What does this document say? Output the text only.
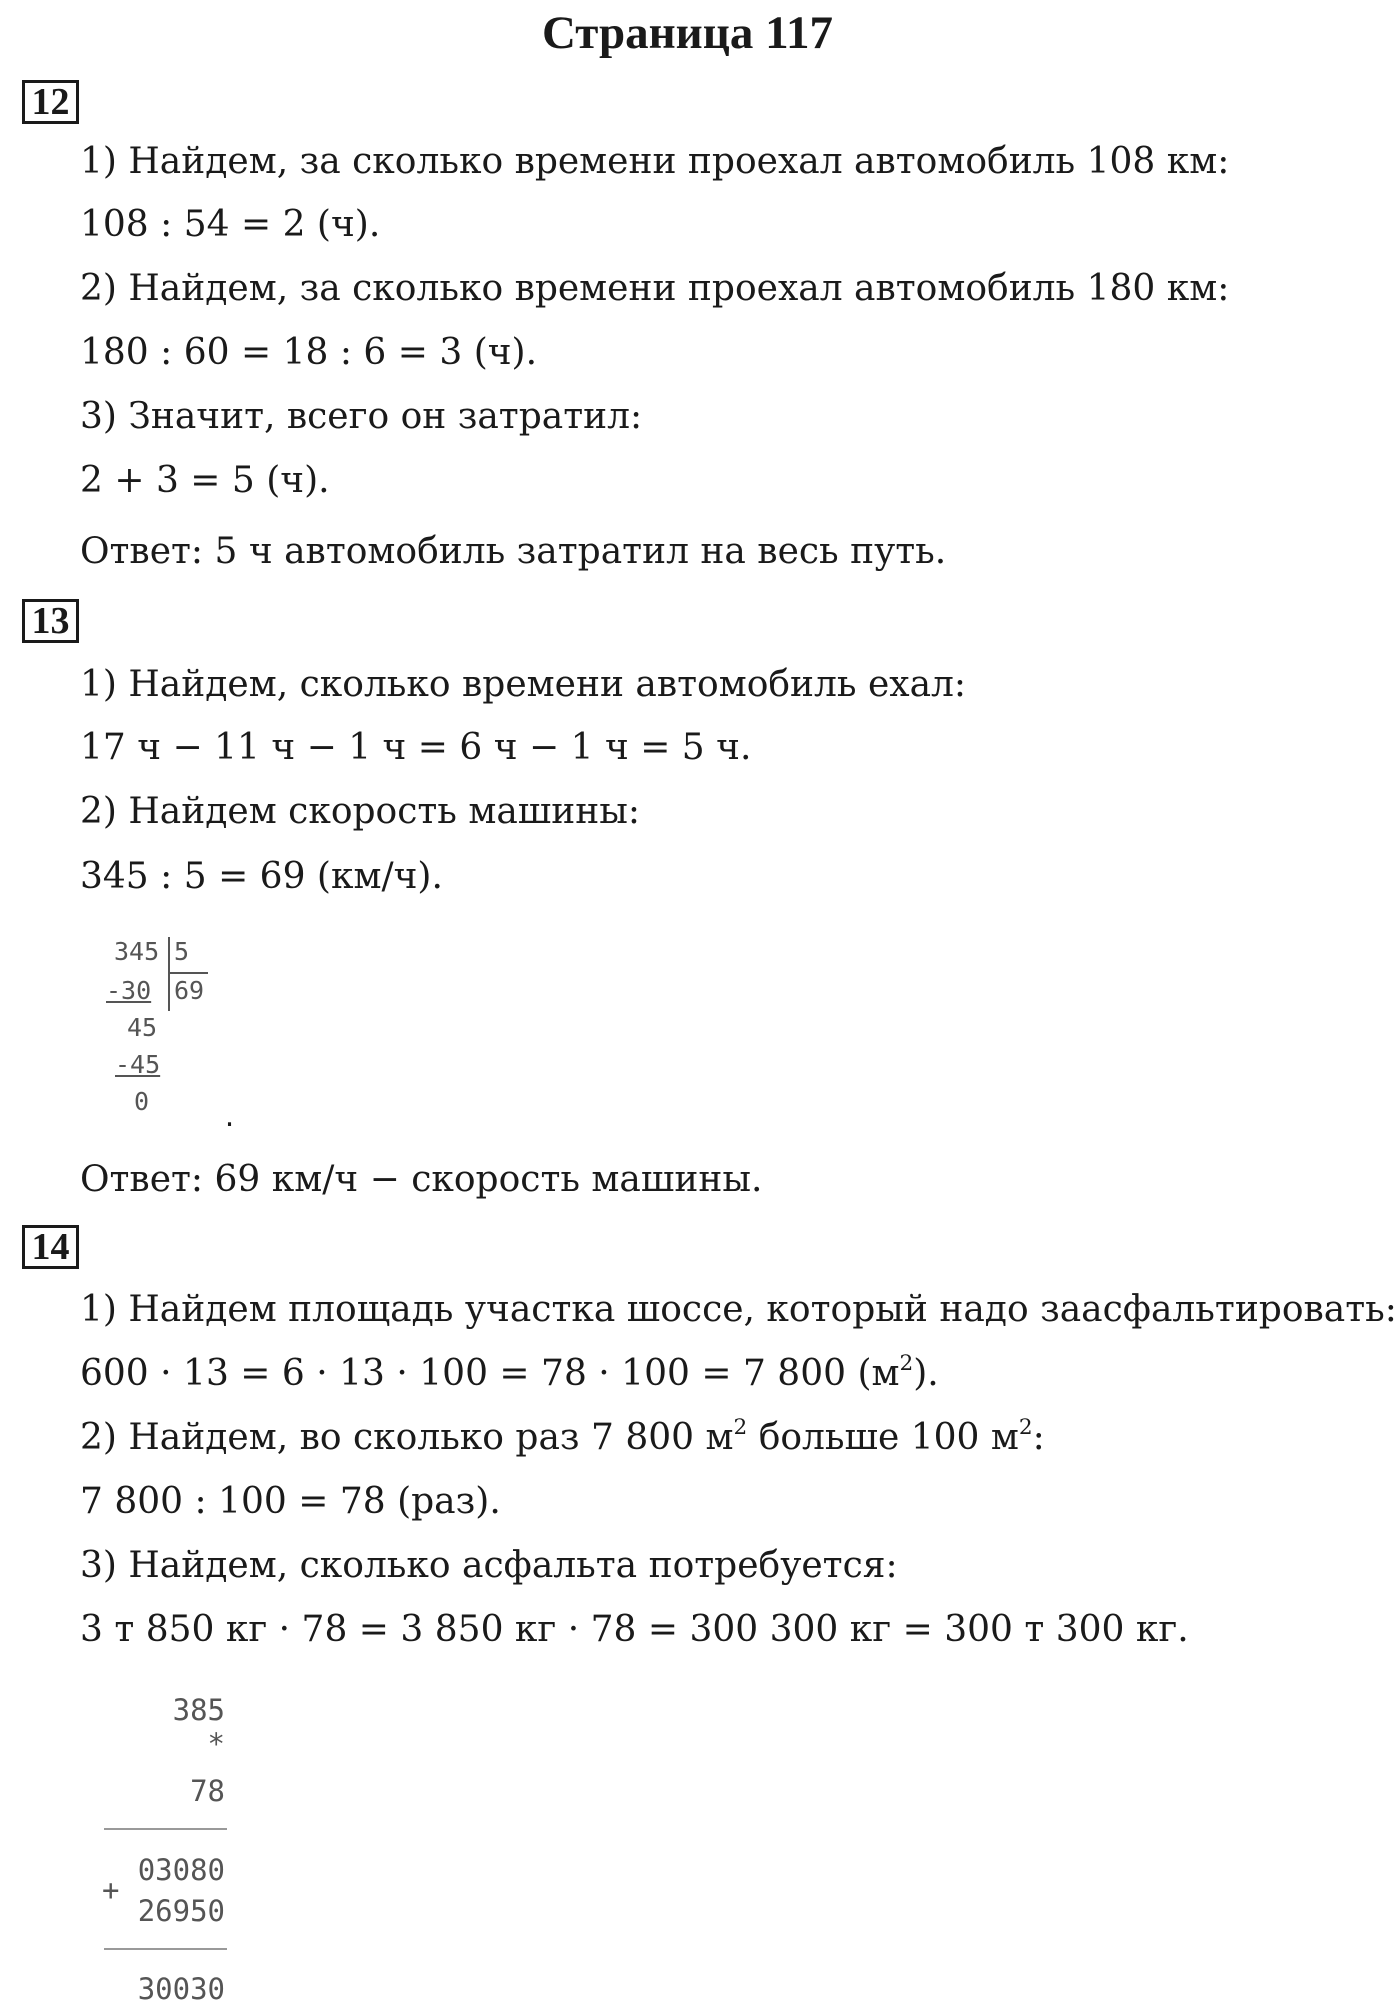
Страница 117
12
1) Найдем, за сколько времени проехал автомобиль 108 км:
108 : 54 = 2 (ч).
2) Найдем, за сколько времени проехал автомобиль 180 км:
180 : 60 = 18 : 6 = 3 (ч).
3) Значит, всего он затратил:
2 + 3 = 5 (ч).
Ответ: 5 ч автомобиль затратил на весь путь.
13
1) Найдем, сколько времени автомобиль ехал:
17 ч − 11 ч − 1 ч = 6 ч − 1 ч = 5 ч.
2) Найдем скорость машины:
345 : 5 = 69 (км/ч).
345 5
-30 69
45
-45
0
.
Ответ: 69 км/ч − скорость машины.
14
1) Найдем площадь участка шоссе, который надо заасфальтировать:
600 · 13 = 6 · 13 · 100 = 78 · 100 = 7 800 $(м^2)$.
2) Найдем, во сколько раз 7 800 $м^2$ больше 100 $м^2$:
7 800 : 100 = 78 (раз).
3) Найдем, сколько асфальта потребуется:
3 т 850 кг · 78 = 3 850 кг · 78 = 300 300 кг = 300 т 300 кг.
385
*
78
03080
+
26950
30030
